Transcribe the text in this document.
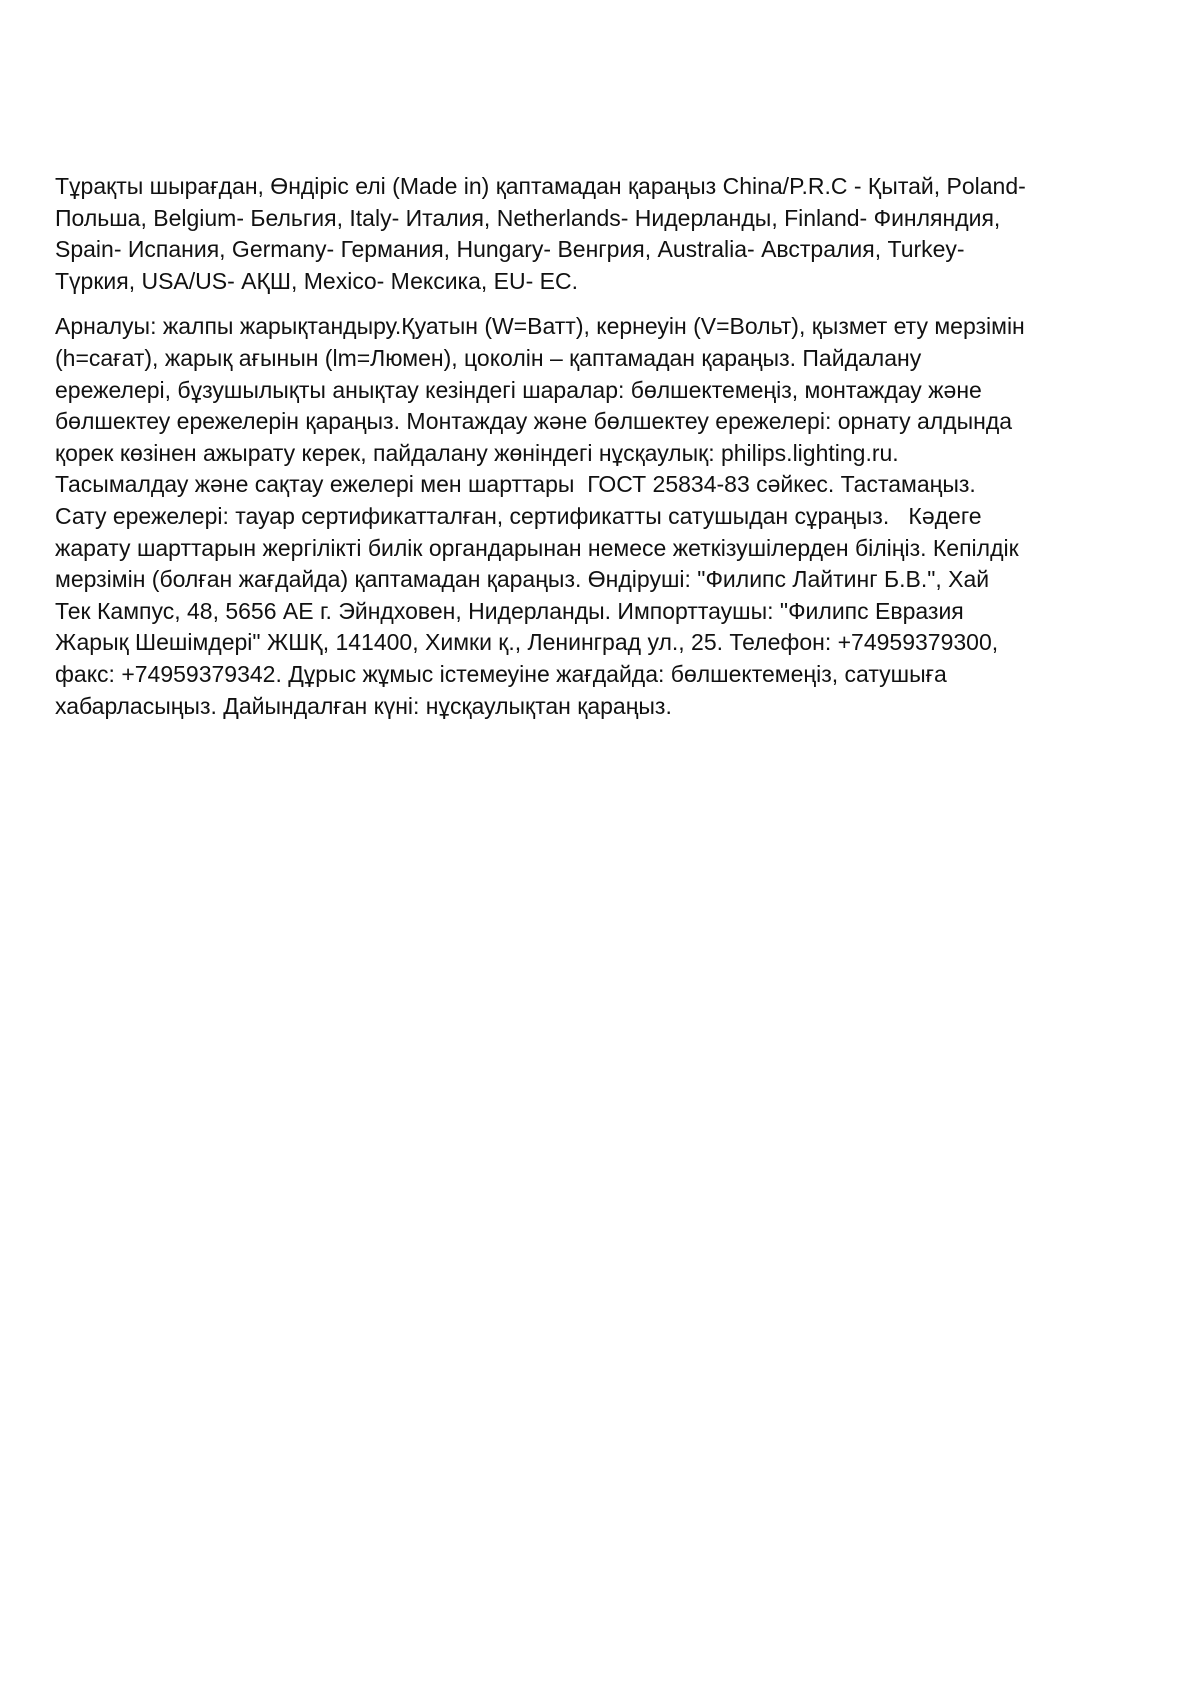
Тұрақты шырағдан, Өндіріс елі (Made in) қаптамадан қараңыз China/P.R.C - Қытай, Poland-
Польша, Belgium- Бельгия, Italy- Италия, Netherlands- Нидерланды, Finland- Финляндия,
Spain- Испания, Germany- Германия, Hungary- Венгрия, Australia- Австралия, Turkey-
Түркия, USA/US- АҚШ, Mexico- Мексика, EU- ЕС.

Арналуы: жалпы жарықтандыру.Қуатын (W=Ватт), кернеуін (V=Вольт), қызмет ету мерзімін
(h=сағат), жарық ағынын (lm=Люмен), цоколін – қаптамадан қараңыз. Пайдалану
ережелері, бұзушылықты анықтау кезіндегі шаралар: бөлшектемеңіз, монтаждау және
бөлшектеу ережелерін қараңыз. Монтаждау және бөлшектеу ережелері: орнату алдында
қорек көзінен ажырату керек, пайдалану жөніндегі нұсқаулық: philips.lighting.ru.
Тасымалдау және сақтау ежелері мен шарттары  ГОСТ 25834-83 сәйкес. Тастамаңыз.
Сату ережелері: тауар сертификатталған, сертификатты сатушыдан сұраңыз.   Кәдеге
жарату шарттарын жергілікті билік органдарынан немесе жеткізушілерден біліңіз. Кепілдік
мерзімін (болған жағдайда) қаптамадан қараңыз. Өндіруші: "Филипс Лайтинг Б.В.", Хай
Тек Кампус, 48, 5656 АЕ г. Эйндховен, Нидерланды. Импорттаушы: "Филипс Евразия
Жарық Шешімдері" ЖШҚ, 141400, Химки қ., Ленинград ул., 25. Телефон: +74959379300,
факс: +74959379342. Дұрыс жұмыс істемеуіне жағдайда: бөлшектемеңіз, сатушыға
хабарласыңыз. Дайындалған күні: нұсқаулықтан қараңыз.
